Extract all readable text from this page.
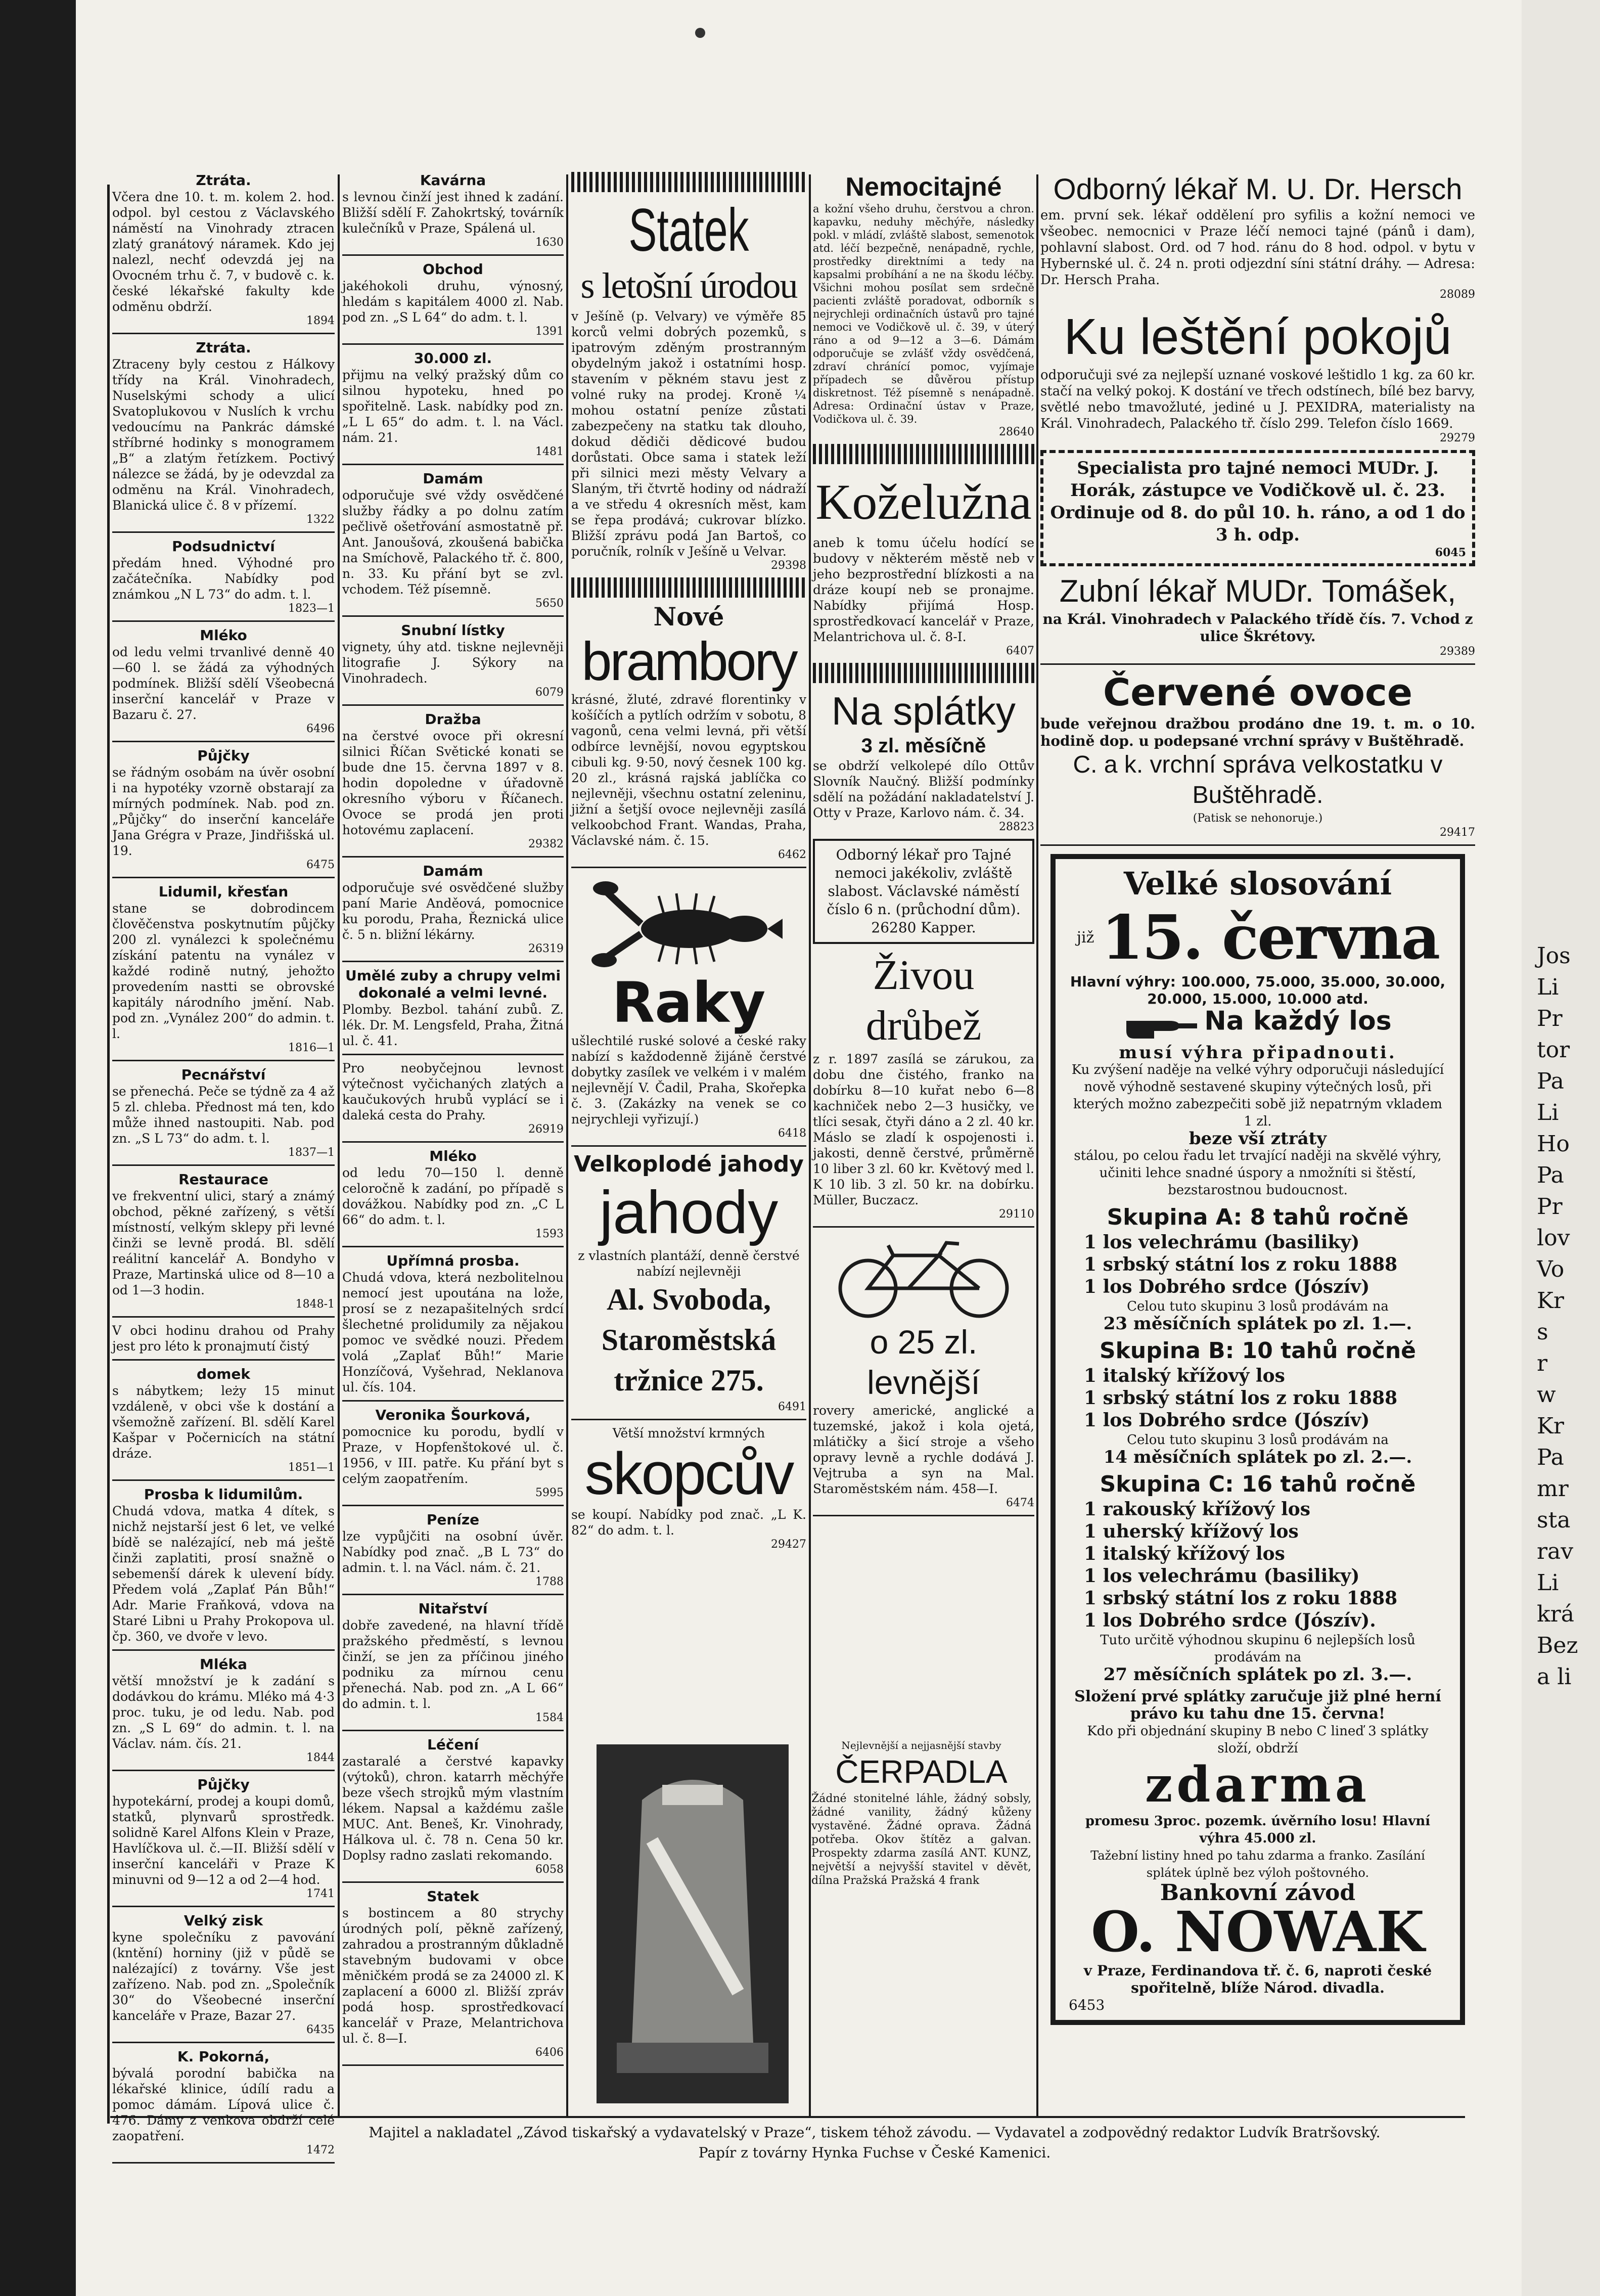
Ztráta.
Včera dne 10. t. m. kolem 2. hod. odpol. byl cestou z Václavského náměstí na Vinohrady ztracen zlatý granátový náramek. Kdo jej nalezl, nechť odevzdá jej na Ovocném trhu č. 7, v budově c. k. české lékařské fakulty kde odměnu obdrží.
1894
Ztráta.
Ztraceny byly cestou z Hálkovy třídy na Král. Vinohradech, Nuselskými schody a ulicí Svatoplukovou v Nuslích k vrchu vedoucímu na Pankrác dámské stříbrné hodinky s monogramem „B“ a zlatým řetízkem. Poctivý nálezce se žádá, by je odevzdal za odměnu na Král. Vinohradech, Blanická ulice č. 8 v přízemí.
1322
Podsudnictví
předám hned. Výhodné pro začátečníka. Nabídky pod známkou „N L 73“ do adm. t. l.
1823—1
Mléko
od ledu velmi trvanlivé denně 40—60 l. se žádá za výhodných podmínek. Bližší sdělí Všeobecná inserční kancelář v Praze v Bazaru č. 27.
6496
Půjčky
se řádným osobám na úvěr osobní i na hypotéky vzorně obstarají za mírných podmínek. Nab. pod zn. „Půjčky“ do inserční kanceláře Jana Grégra v Praze, Jindřišská ul. 19.
6475
Lidumil, křesťan
stane se dobrodincem člověčenstva poskytnutím půjčky 200 zl. vynálezci k společnému získání patentu na vynález v každé rodině nutný, jehožto provedením nastti se obrovské kapitály národního jmění. Nab. pod zn. „Vynález 200“ do admin. t. l.
1816—1
Pecnářství
se přenechá. Peče se týdně za 4 až 5 zl. chleba. Přednost má ten, kdo může ihned nastoupiti. Nab. pod zn. „S L 73“ do adm. t. l.
1837—1
Restaurace
ve frekventní ulici, starý a známý obchod, pěkné zařízený, s větší místností, velkým sklepy při levné činži se levně prodá. Bl. sdělí reálitní kancelář A. Bondyho v Praze, Martinská ulice od 8—10 a od 1—3 hodin.
1848-1
V obci hodinu drahou od Prahy jest pro léto k pronajmutí čistý
domek
s nábytkem; leży 15 minut vzdáleně, v obci vše k dostání a všemožně zařízení. Bl. sdělí Karel Kašpar v Počernicích na státní dráze.
1851—1
Prosba k lidumilům.
Chudá vdova, matka 4 dítek, s nichž nejstarší jest 6 let, ve velké bídě se nalézající, neb má ještě činži zaplatiti, prosí snažně o sebemenší dárek k ulevení bídy. Předem volá „Zaplať Pán Bůh!“ Adr. Marie Fraňková, vdova na Staré Libni u Prahy Prokopova ul. čp. 360, ve dvoře v levo.
Mléka
větší množství je k zadání s dodávkou do krámu. Mléko má 4·3 proc. tuku, je od ledu. Nab. pod zn. „S L 69“ do admin. t. l. na Václav. nám. čís. 21.
1844
Půjčky
hypotekární, prodej a koupi domů, statků, plynvarů sprostředk. solidně Karel Alfons Klein v Praze, Havlíčkova ul. č.—II. Bližší sdělí v inserční kanceláři v Praze K minuvni od 9—12 a od 2—4 hod.
1741
Velký zisk
kyne společníku z pavování (kntění) horniny (již v půdě se nalézající) z továrny. Vše jest zařízeno. Nab. pod zn. „Společník 30“ do Všeobecné inserční kanceláře v Praze, Bazar 27.
6435
K. Pokorná,
bývalá porodní babička na lékařské klinice, údílí radu a pomoc dámám. Lípová ulice č. 476. Dámy z venkova obdrží celé zaopatření.
1472
Kavárna
s levnou činží jest ihned k zadání. Bližší sdělí F. Zahokrtský, továrník kulečníků v Praze, Spálená ul.
1630
Obchod
jakéhokoli druhu, výnosný, hledám s kapitálem 4000 zl. Nab. pod zn. „S L 64“ do adm. t. l.
1391
30.000 zl.
přijmu na velký pražský dům co silnou hypoteku, hned po spořitelně. Lask. nabídky pod zn. „L L 65“ do adm. t. l. na Václ. nám. 21.
1481
Damám
odporučuje své vždy osvědčené služby řádky a po dolnu zatím pečlivě ošetřování asmostatně př. Ant. Janoušová, zkoušená babička na Smíchově, Palackého tř. č. 800, n. 33. Ku přání byt se zvl. vchodem. Též písemně.
5650
Snubní lístky
vignety, úhy atd. tiskne nejlevněji litografie J. Sýkory na Vinohradech.
6079
Dražba
na čerstvé ovoce při okresní silnici Říčan Světické konati se bude dne 15. června 1897 v 8. hodin dopoledne v úřadovně okresního výboru v Říčanech. Ovoce se prodá jen proti hotovému zaplacení.
29382
Damám
odporučuje své osvědčené služby paní Marie Anděová, pomocnice ku porodu, Praha, Řeznická ulice č. 5 n. bližní lékárny.
26319
Umělé zuby a chrupy velmi dokonalé a velmi levné.
Plomby. Bezbol. tahání zubů. Z. lék. Dr. M. Lengsfeld, Praha, Žitná ul. č. 41.
Pro neobyčejnou levnost výtečnost vyčichaných zlatých a kaučukových hrubů vyplácí se i daleká cesta do Prahy.
26919
Mléko
od ledu 70—150 l. denně celoročně k zadání, po případě s dovážkou. Nabídky pod zn. „C L 66“ do adm. t. l.
1593
Upřímná prosba.
Chudá vdova, která nezbolitelnou nemocí jest upoutána na lože, prosí se z nezapašitelných srdcí šlechetné prolidumily za nějakou pomoc ve svědké nouzi. Předem volá „Zaplať Bůh!“ Marie Honzíčová, Vyšehrad, Neklanova ul. čís. 104.
Veronika Šourková,
pomocnice ku porodu, bydlí v Praze, v Hopfenštokové ul. č. 1956, v III. patře. Ku přání byt s celým zaopatřením.
5995
Peníze
lze vypůjčiti na osobní úvěr. Nabídky pod znač. „B L 73“ do admin. t. l. na Václ. nám. č. 21.
1788
Nitařství
dobře zavedené, na hlavní třídě pražského předměstí, s levnou činží, se jen za příčinou jiného podniku za mírnou cenu přenechá. Nab. pod zn. „A L 66“ do admin. t. l.
1584
Léčení
zastaralé a čerstvé kapavky (výtoků), chron. katarrh měchýře beze všech strojků mým vlastním lékem. Napsal a každému zašle MUC. Ant. Beneš, Kr. Vinohrady, Hálkova ul. č. 78 n. Cena 50 kr. Doplsy radno zaslati rekomando.
6058
Statek
s bostincem a 80 strychy úrodných polí, pěkně zařízený, zahradou a prostranným důkladně stavebným budovami v obce měničkém prodá se za 24000 zl. K zaplacení a 6000 zl. Bližší zpráv podá hosp. sprostředkovací kancelář v Praze, Melantrichova ul. č. 8—I.
6406
Statek
s letošní úrodou
v Ješíně (p. Velvary) ve výměře 85 korců velmi dobrých pozemků, s ipatrovým zděným prostranným obydelným jakož i ostatními hosp. stavením v pěkném stavu jest z volné ruky na prodej. Kroně ¼ mohou ostatní peníze zůstati zabezpečeny na statku tak dlouho, dokud dědiči dědicové budou dorůstati. Obce sama i statek leží při silnici mezi městy Velvary a Slaným, tři čtvrtě hodiny od nádraží a ve středu 4 okresních měst, kam se řepa prodává; cukrovar blízko. Bližší zprávu podá Jan Bartoš, co poručník, rolník v Ješíně u Velvar.
29398
Nové
brambory
krásné, žluté, zdravé florentinky v košíčích a pytlích održím v sobotu, 8 vagonů, cena velmi levná, při větší odbírce levnější, novou egyptskou cibuli kg. 9·50, nový česnek 100 kg. 20 zl., krásná rajská jablíčka co nejlevněji, všechnu ostatní zeleninu, jižní a šetjší ovoce nejlevněji zasílá velkoobchod Frant. Wandas, Praha, Václavské nám. č. 15.
6462
Raky
ušlechtilé ruské solové a české raky nabízí s každodenně žijáně čerstvé dobytky zasílek ve velkém i v malém nejlevnějí V. Čadil, Praha, Skořepka č. 3. (Zakázky na venek se co nejrychleji vyřizují.)
6418
Velkoplodé jahody
jahody
z vlastních plantáží, denně čerstvé nabízí nejlevněji
Al. Svoboda, Staroměstská tržnice 275.
6491
Větší množství krmných
skopcův
se koupí. Nabídky pod znač. „L K. 82“ do adm. t. l.
29427
Nemocitajné
a kožní všeho druhu, čerstvou a chron. kapavku, neduhy měchýře, následky pokl. v mládí, zvláště slabost, semenotok atd. léčí bezpečně, nenápadně, rychle, prostředky direktními a tedy na kapsalmi probíhání a ne na škodu léčby. Všichni mohou posílat sem srdečně pacienti zvláště poradovat, odborník s nejrychleji ordinačních ústavů pro tajné nemoci ve Vodičkově ul. č. 39, v úterý ráno a od 9—12 a 3—6. Dámám odporučuje se zvlášť vždy osvědčená, zdraví chránící pomoc, vyjímaje případech se důvěrou přístup diskretnost. Též písemně s nenápadně. Adresa: Ordinační ústav v Praze, Vodičkova ul. č. 39.
28640
Koželužna
aneb k tomu účelu hodící se budovy v některém městě neb v jeho bezprostřední blízkosti a na dráze koupí neb se pronajme. Nabídky přijímá Hosp. sprostředkovací kancelář v Praze, Melantrichova ul. č. 8-I.
6407
Na splátky
3 zl. měsíčně
se obdrží velkolepé dílo Ottův Slovník Naučný. Bližší podmínky sdělí na požádání nakladatelství J. Otty v Praze, Karlovo nám. č. 34.
28823
Odborný lékař pro Tajné nemoci jakékoliv, zvláště slabost. Václavské náměstí číslo 6 n. (průchodní dům). 26280 Kapper.
Živou drůbež
z r. 1897 zasílá se zárukou, za dobu dne čistého, franko na dobírku 8—10 kuřat nebo 6—8 kachniček nebo 2—3 husičky, ve tlíci sesak, čtyři dáno a 2 zl. 40 kr. Máslo se zladí k ospojenosti i. jakosti, denně čerstvé, průměrně 10 liber 3 zl. 60 kr. Květový med l. K 10 lib. 3 zl. 50 kr. na dobírku. Müller, Buczacz.
29110
o 25 zl. levnější
rovery americké, anglické a tuzemské, jakož i kola ojetá, mlátičky a šicí stroje a všeho opravy levně a rychle dodává J. Vejtruba a syn na Mal. Staroměstském nám. 458—I.
6474
Nejlevnější a nejjasnější stavby
ČERPADLA
Žádné stonitelné láhle, žádný sobsly, žádné vanility, žádný kůženy vystavěné. Žádné oprava. Žádná potřeba. Okov štítěz a galvan. Prospekty zdarma zasílá ANT. KUNZ, největší a nejvyšší stavitel v děvět, dílna Pražská Pražská 4 frank
Odborný lékař M. U. Dr. Hersch
em. první sek. lékař oddělení pro syfilis a kožní nemoci ve všeobec. nemocnici v Praze léčí nemoci tajné (pánů i dam), pohlavní slabost. Ord. od 7 hod. ránu do 8 hod. odpol. v bytu v Hybernské ul. č. 24 n. proti odjezdní síni státní dráhy. — Adresa: Dr. Hersch Praha.
28089
Ku leštění pokojů
odporučuji své za nejlepší uznané voskové leštidlo 1 kg. za 60 kr. stačí na velký pokoj. K dostání ve třech odstínech, bílé bez barvy, světlé nebo tmavožluté, jediné u J. PEXIDRA, materialisty na Král. Vinohradech, Palackého tř. číslo 299. Telefon číslo 1669.
29279
Specialista pro tajné nemoci MUDr. J. Horák, zástupce ve Vodičkově ul. č. 23. Ordinuje od 8. do půl 10. h. ráno, a od 1 do 3 h. odp.
6045
Zubní lékař MUDr. Tomášek,
na Král. Vinohradech v Palackého třídě čís. 7. Vchod z ulice Škrétovy.
29389
Červené ovoce
bude veřejnou dražbou prodáno dne 19. t. m. o 10. hodině dop. u podepsané vrchní správy v Buštěhradě.
C. a k. vrchní správa velkostatku v Buštěhradě.
(Patisk se nehonoruje.)
29417
Velké slosování
již 15. června
Hlavní výhry: 100.000, 75.000, 35.000, 30.000, 20.000, 15.000, 10.000 atd.
Na každý los
musí výhra připadnouti.
Ku zvýšení naděje na velké výhry odporučuji následující nově výhodně sestavené skupiny výtečných losů, při kterých možno zabezpečiti sobě již nepatrným vkladem 1 zl.
beze vší ztráty
stálou, po celou řadu let trvající naději na skvělé výhry, učiniti lehce snadné úspory a nmožníti si štěstí, bezstarostnou budoucnost.
Skupina A: 8 tahů ročně
1 los velechrámu (basiliky)
1 srbský státní los z roku 1888
1 los Dobrého srdce (Jószív)
Celou tuto skupinu 3 losů prodávám na
23 měsíčních splátek po zl. 1.—.
Skupina B: 10 tahů ročně
1 italský křížový los
1 srbský státní los z roku 1888
1 los Dobrého srdce (Jószív)
Celou tuto skupinu 3 losů prodávám na
14 měsíčních splátek po zl. 2.—.
Skupina C: 16 tahů ročně
1 rakouský křížový los
1 uherský křížový los
1 italský křížový los
1 los velechrámu (basiliky)
1 srbský státní los z roku 1888
1 los Dobrého srdce (Jószív).
Tuto určitě výhodnou skupinu 6 nejlepších losů prodávám na
27 měsíčních splátek po zl. 3.—.
Složení prvé splátky zaručuje již plné herní právo ku tahu dne 15. června!
Kdo při objednání skupiny B nebo C lineď 3 splátky složí, obdrží
zdarma
promesu 3proc. pozemk. úvěrního losu! Hlavní výhra 45.000 zl.
Tažební listiny hned po tahu zdarma a franko. Zasílání splátek úplně bez výloh poštovného.
Bankovní závod
O. NOWAK
v Praze, Ferdinandova tř. č. 6, naproti české spořitelně, blíže Národ. divadla.
6453
Majitel a nakladatel „Závod tiskařský a vydavatelský v Praze“, tiskem téhož závodu. — Vydavatel a zodpovědný redaktor Ludvík Bratršovský.
Papír z továrny Hynka Fuchse v České Kamenici.
Jos
Li
Pr
tor
Pa
Li
Ho
Pa
Pr
lov
Vo
Kr
s
r
w
Kr
Pa
mr
sta
rav
Li
krá
Bez
a li
